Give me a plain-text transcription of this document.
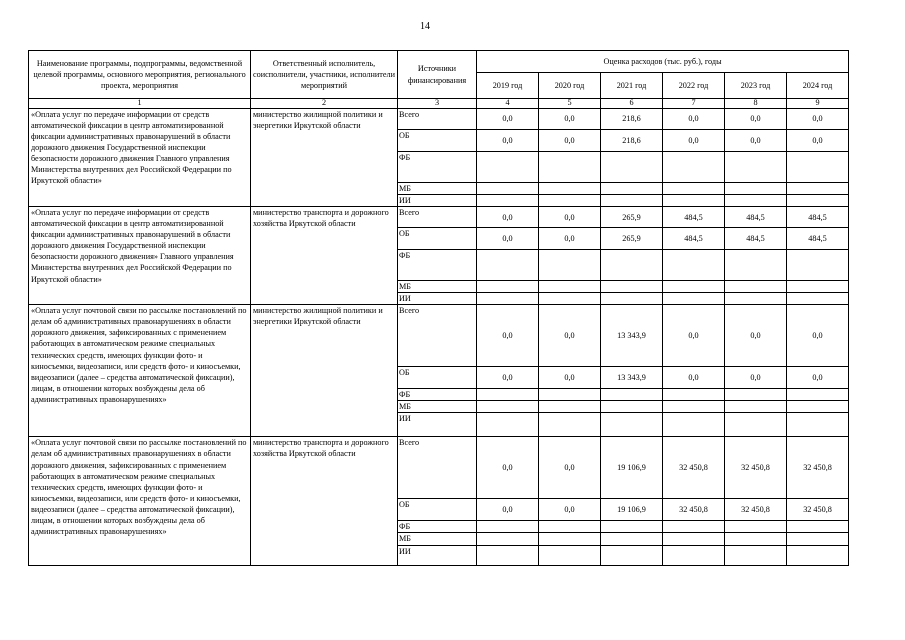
14
Наименование программы, подпрограммы, ведомственной целевой программы, основного мероприятия, регионального проекта, мероприятия	Ответственный исполнитель, соисполнители, участники, исполнители мероприятий	Источники финансирования	Оценка расходов (тыс. руб.), годы					
			2019 год	2020 год	2021 год	2022 год	2023 год	2024 год
1	2	3	4	5	6	7	8	9
«Оплата услуг по передаче информации от средств автоматической фиксации в центр автоматизированной фиксации административных правонарушений в области дорожного движения Государственной инспекции безопасности дорожного движения Главного управления Министерства внутренних дел Российской Федерации по Иркутской области»	министерство жилищной политики и энергетики Иркутской области	Всего	0,0	0,0	218,6	0,0	0,0	0,0
		ОБ	0,0	0,0	218,6	0,0	0,0	0,0
		ФБ						
		МБ						
		ИИ						
«Оплата услуг по передаче информации от средств автоматической фиксации в центр автоматизированной фиксации административных правонарушений в области дорожного движения Государственной инспекции безопасности дорожного движения» Главного управления Министерства внутренних дел Российской Федерации по Иркутской области»	министерство транспорта и дорожного хозяйства Иркутской области	Всего	0,0	0,0	265,9	484,5	484,5	484,5
		ОБ	0,0	0,0	265,9	484,5	484,5	484,5
		ФБ						
		МБ						
		ИИ						
«Оплата услуг почтовой связи по рассылке постановлений по делам об административных правонарушениях в области дорожного движения, зафиксированных с применением работающих в автоматическом режиме специальных технических средств, имеющих функции фото- и киносъемки, видеозаписи, или средств фото- и киносъемки, видеозаписи (далее – средства автоматической фиксации), лицам, в отношении которых возбуждены дела об административных правонарушениях»	министерство жилищной политики и энергетики Иркутской области	Всего	0,0	0,0	13 343,9	0,0	0,0	0,0
		ОБ	0,0	0,0	13 343,9	0,0	0,0	0,0
		ФБ						
		МБ						
		ИИ						
«Оплата услуг почтовой связи по рассылке постановлений по делам об административных правонарушениях в области дорожного движения, зафиксированных с применением работающих в автоматическом режиме специальных технических средств, имеющих функции фото- и киносъемки, видеозаписи, или средств фото- и киносъемки, видеозаписи (далее – средства автоматической фиксации), лицам, в отношении которых возбуждены дела об административных правонарушениях»	министерство транспорта и дорожного хозяйства Иркутской области	Всего	0,0	0,0	19 106,9	32 450,8	32 450,8	32 450,8
		ОБ	0,0	0,0	19 106,9	32 450,8	32 450,8	32 450,8
		ФБ						
		МБ						
		ИИ						
